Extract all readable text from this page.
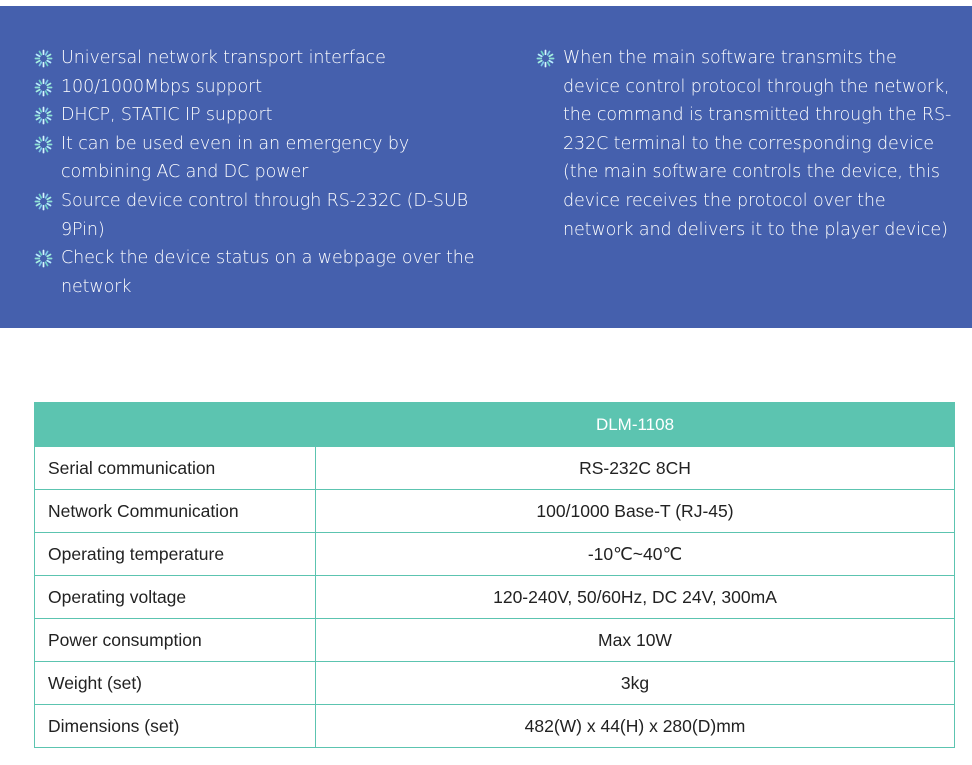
Universal network transport interface
100/1000Mbps support
DHCP, STATIC IP support
It can be used even in an emergency by combining AC and DC power
Source device control through RS-232C (D-SUB 9Pin)
Check the device status on a webpage over the network
When the main software transmits the device control protocol through the network, the command is transmitted through the RS-232C terminal to the corresponding device (the main software controls the device, this device receives the protocol over the network and delivers it to the player device)
	DLM-1108
Serial communication	RS-232C 8CH
Network Communication	100/1000 Base-T (RJ-45)
Operating temperature	-10℃~40℃
Operating voltage	120-240V, 50/60Hz, DC 24V, 300mA
Power consumption	Max 10W
Weight (set)	3kg
Dimensions (set)	482(W) x 44(H) x 280(D)mm
